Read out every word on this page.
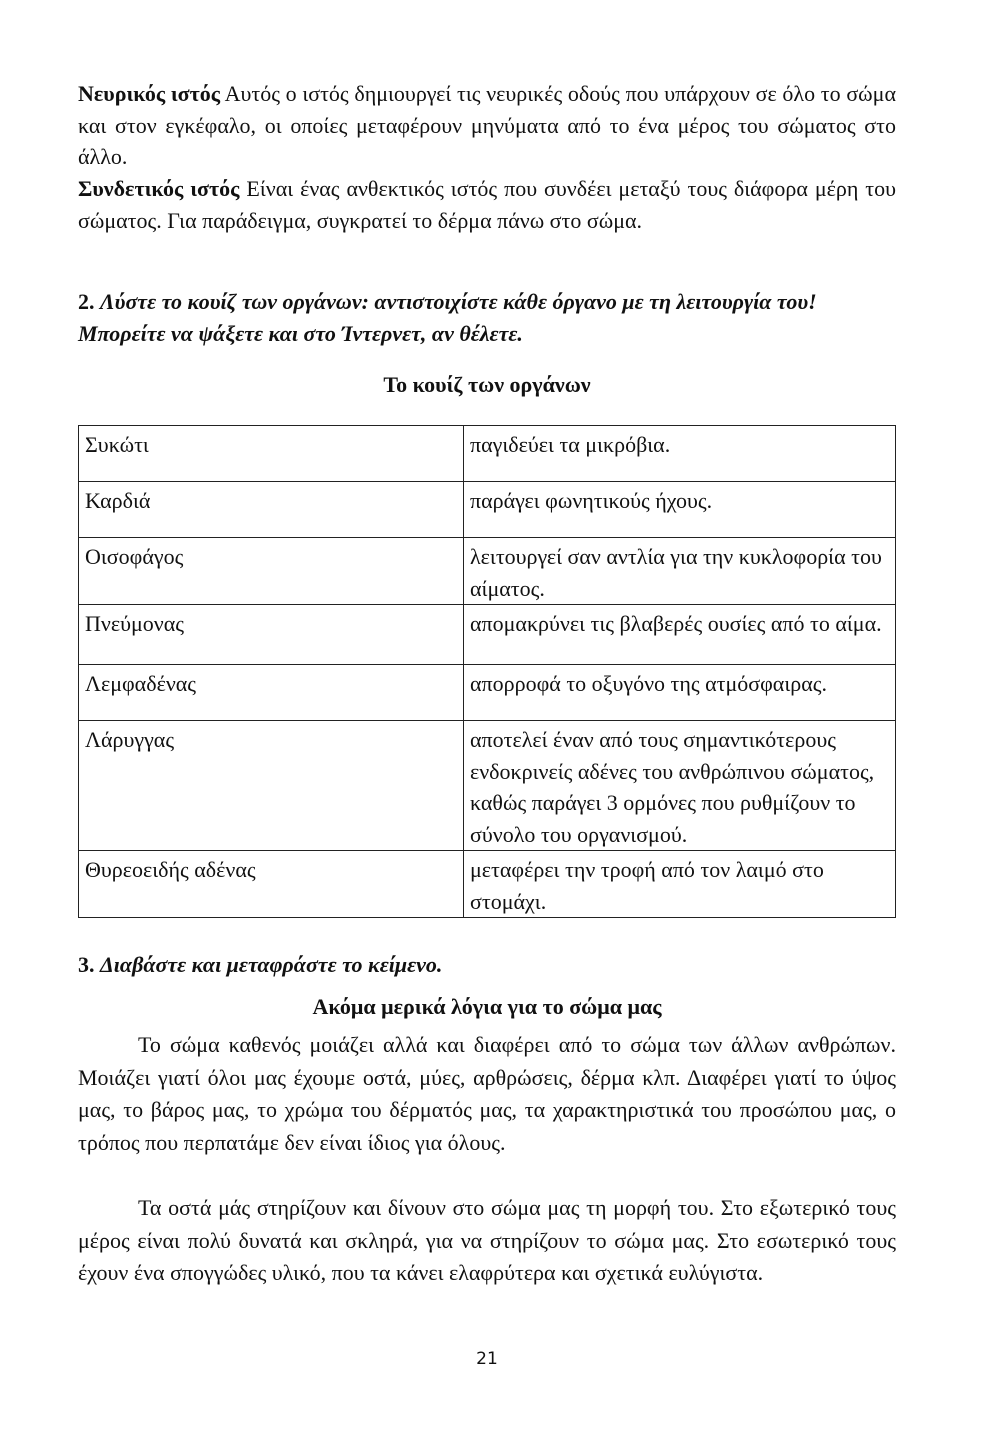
Νευρικός ιστός Αυτός ο ιστός δημιουργεί τις νευρικές οδούς που υπάρχουν σε όλο το σώμα και στον εγκέφαλο, οι οποίες μεταφέρουν μηνύματα από το ένα μέρος του σώματος στο άλλο.
Συνδετικός ιστός Είναι ένας ανθεκτικός ιστός που συνδέει μεταξύ τους διάφορα μέρη του σώματος. Για παράδειγμα, συγκρατεί το δέρμα πάνω στο σώμα.
2. Λύστε το κουίζ των οργάνων: αντιστοιχίστε κάθε όργανο με τη λειτουργία του!
Μπορείτε να ψάξετε και στο Ίντερνετ, αν θέλετε.
Το κουίζ των οργάνων
Συκώτι	παγιδεύει τα μικρόβια.
Καρδιά	παράγει φωνητικούς ήχους.
Οισοφάγος	λειτουργεί σαν αντλία για την κυκλοφορία του αίματος.
Πνεύμονας	απομακρύνει τις βλαβερές ουσίες από το αίμα.
Λεμφαδένας	απορροφά το οξυγόνο της ατμόσφαιρας.
Λάρυγγας	αποτελεί έναν από τους σημαντικότερους ενδοκρινείς αδένες του ανθρώπινου σώματος, καθώς παράγει 3 ορμόνες που ρυθμίζουν το σύνολο του οργανισμού.
Θυρεοειδής αδένας	μεταφέρει την τροφή από τον λαιμό στο στομάχι.
3. Διαβάστε και μεταφράστε το κείμενο.
Ακόμα μερικά λόγια για το σώμα μας

Το σώμα καθενός μοιάζει αλλά και διαφέρει από το σώμα των άλλων ανθρώπων. Μοιάζει γιατί όλοι μας έχουμε οστά, μύες, αρθρώσεις, δέρμα κλπ. Διαφέρει γιατί το ύψος μας, το βάρος μας, το χρώμα του δέρματός μας, τα χαρακτηριστικά του προσώπου μας, ο τρόπος που περπατάμε δεν είναι ίδιος για όλους.

Τα οστά μάς στηρίζουν και δίνουν στο σώμα μας τη μορφή του. Στο εξωτερικό τους μέρος είναι πολύ δυνατά και σκληρά, για να στηρίζουν το σώμα μας. Στο εσωτερικό τους έχουν ένα σπογγώδες υλικό, που τα κάνει ελαφρύτερα και σχετικά ευλύγιστα.

21
